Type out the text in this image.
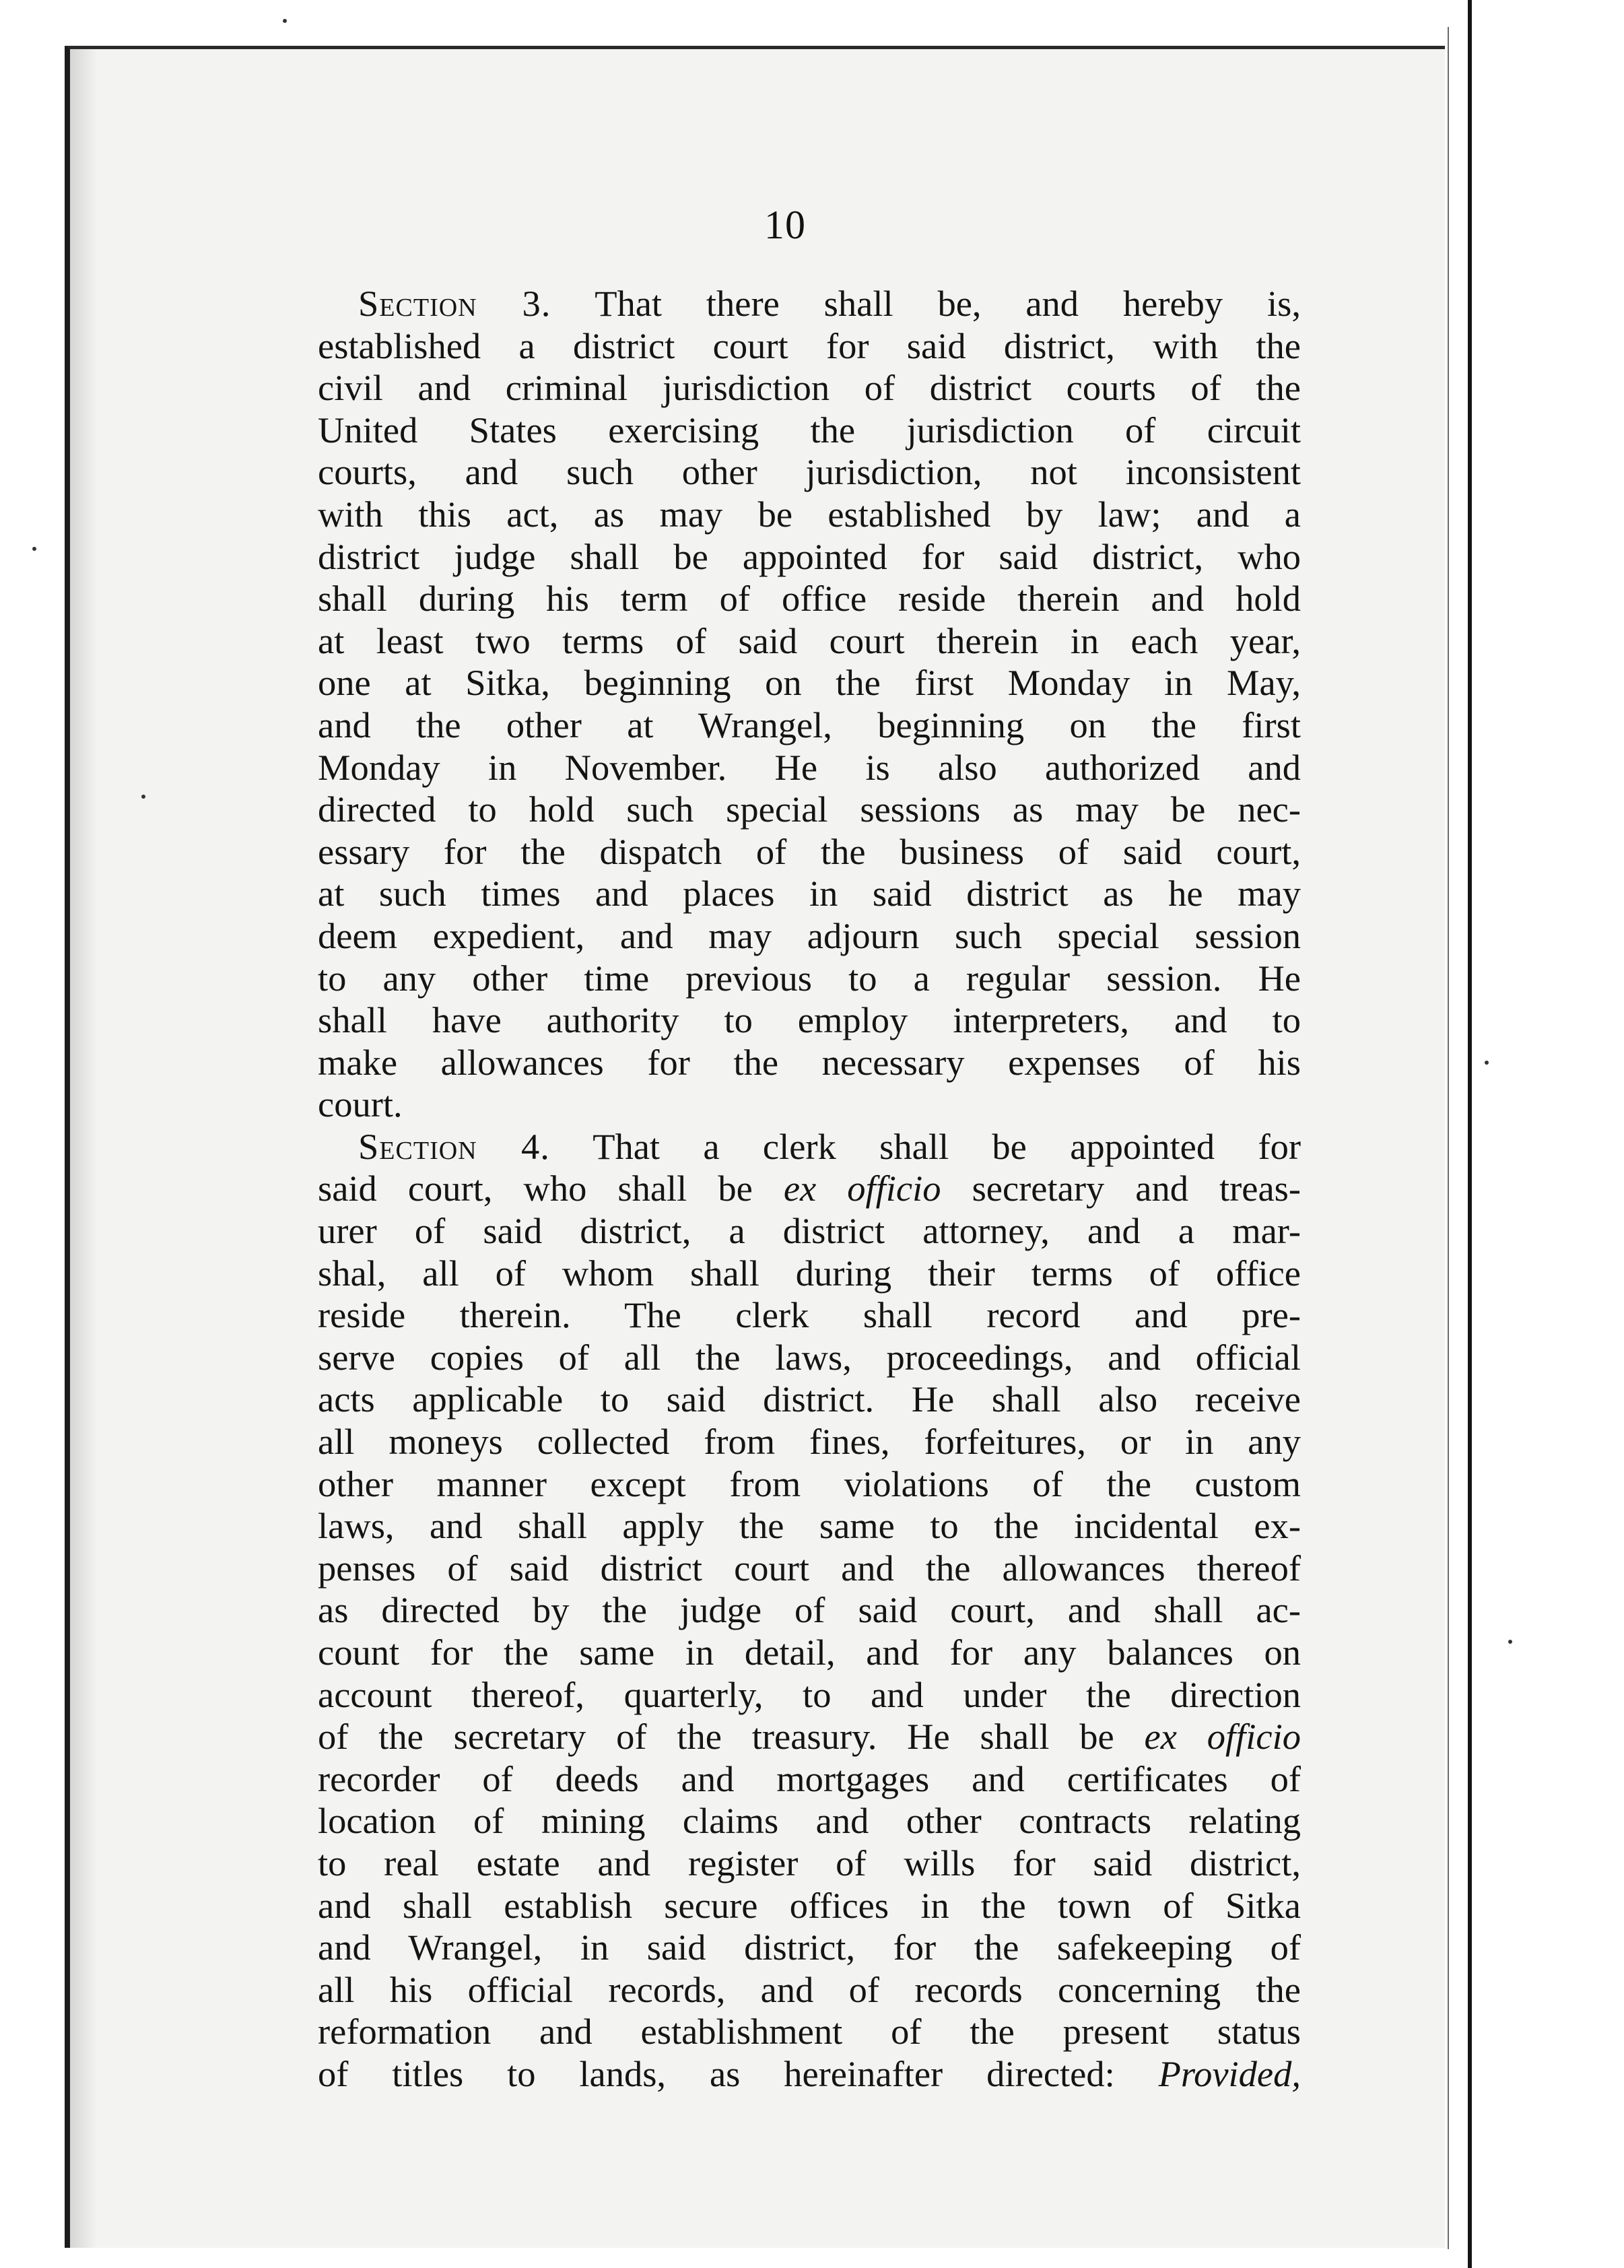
10
Section 3. That there shall be, and hereby is,
established a district court for said district, with the
civil and criminal jurisdiction of district courts of the
United States exercising the jurisdiction of circuit
courts, and such other jurisdiction, not inconsistent
with this act, as may be established by law; and a
district judge shall be appointed for said district, who
shall during his term of office reside therein and hold
at least two terms of said court therein in each year,
one at Sitka, beginning on the first Monday in May,
and the other at Wrangel, beginning on the first
Monday in November. He is also authorized and
directed to hold such special sessions as may be nec-
essary for the dispatch of the business of said court,
at such times and places in said district as he may
deem expedient, and may adjourn such special session
to any other time previous to a regular session. He
shall have authority to employ interpreters, and to
make allowances for the necessary expenses of his
court.
Section 4. That a clerk shall be appointed for
said court, who shall be ex officio secretary and treas-
urer of said district, a district attorney, and a mar-
shal, all of whom shall during their terms of office
reside therein. The clerk shall record and pre-
serve copies of all the laws, proceedings, and official
acts applicable to said district. He shall also receive
all moneys collected from fines, forfeitures, or in any
other manner except from violations of the custom
laws, and shall apply the same to the incidental ex-
penses of said district court and the allowances thereof
as directed by the judge of said court, and shall ac-
count for the same in detail, and for any balances on
account thereof, quarterly, to and under the direction
of the secretary of the treasury. He shall be ex officio
recorder of deeds and mortgages and certificates of
location of mining claims and other contracts relating
to real estate and register of wills for said district,
and shall establish secure offices in the town of Sitka
and Wrangel, in said district, for the safekeeping of
all his official records, and of records concerning the
reformation and establishment of the present status
of titles to lands, as hereinafter directed: Provided,
